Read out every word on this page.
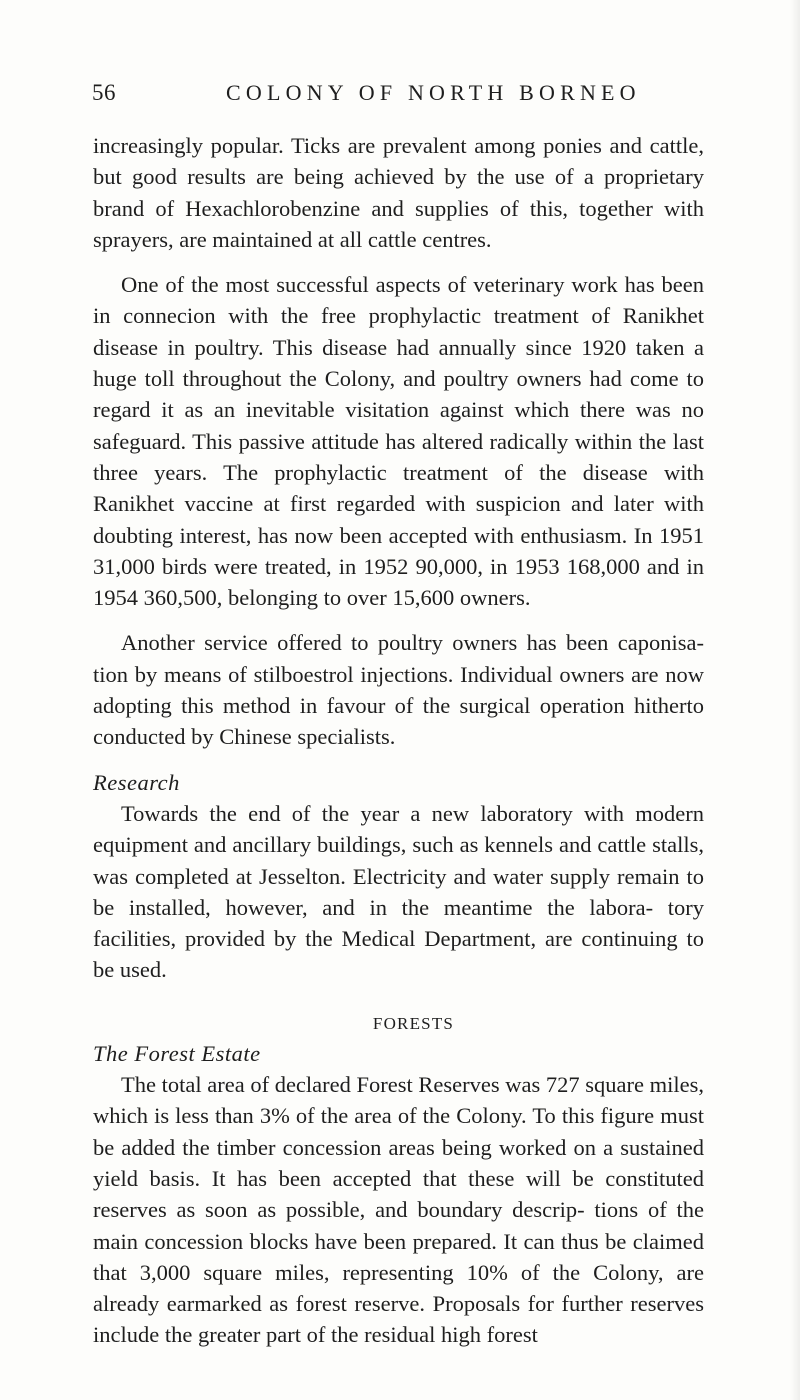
56	COLONY OF NORTH BORNEO

increasingly popular. Ticks are prevalent among ponies and cattle, but good results are being achieved by the use of a proprietary brand of Hexachlorobenzine and supplies of this, together with sprayers, are maintained at all cattle centres.

One of the most successful aspects of veterinary work has been in connecion with the free prophylactic treatment of Ranikhet disease in poultry. This disease had annually since 1920 taken a huge toll throughout the Colony, and poultry owners had come to regard it as an inevitable visitation against which there was no safeguard. This passive attitude has altered radically within the last three years. The prophylactic treatment of the disease with Ranikhet vaccine at first regarded with suspicion and later with doubting interest, has now been accepted with enthusiasm. In 1951 31,000 birds were treated, in 1952 90,000, in 1953 168,000 and in 1954 360,500, belonging to over 15,600 owners.

Another service offered to poultry owners has been caponisa- tion by means of stilboestrol injections. Individual owners are now adopting this method in favour of the surgical operation hitherto conducted by Chinese specialists.

Research

Towards the end of the year a new laboratory with modern equipment and ancillary buildings, such as kennels and cattle stalls, was completed at Jesselton. Electricity and water supply remain to be installed, however, and in the meantime the labora- tory facilities, provided by the Medical Department, are continuing to be used.

FORESTS

The Forest Estate

The total area of declared Forest Reserves was 727 square miles, which is less than 3% of the area of the Colony. To this figure must be added the timber concession areas being worked on a sustained yield basis. It has been accepted that these will be constituted reserves as soon as possible, and boundary descrip- tions of the main concession blocks have been prepared. It can thus be claimed that 3,000 square miles, representing 10% of the Colony, are already earmarked as forest reserve. Proposals for further reserves include the greater part of the residual high forest
